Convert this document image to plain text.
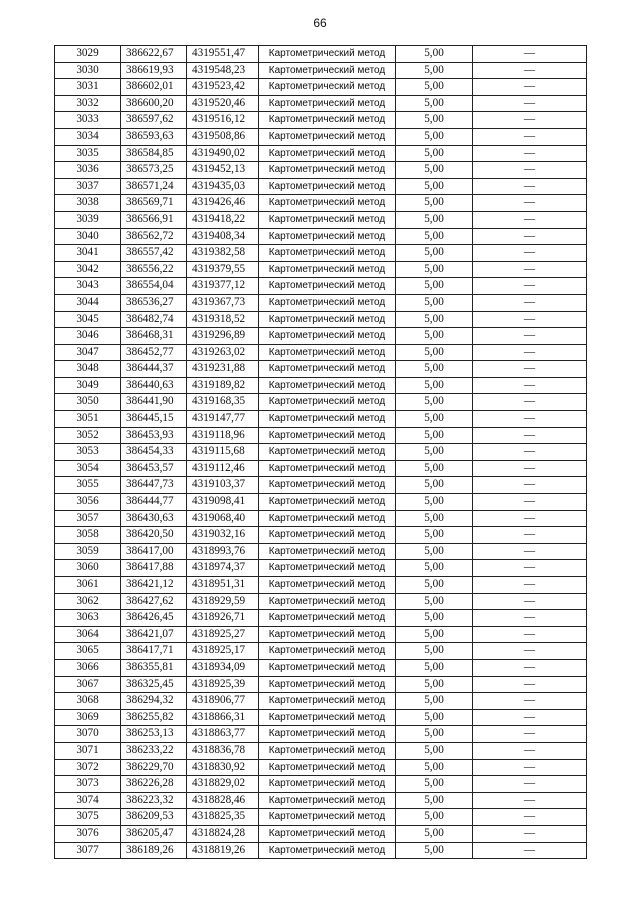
66
3029	386622,67	4319551,47	Картометрический метод	5,00	—
3030	386619,93	4319548,23	Картометрический метод	5,00	—
3031	386602,01	4319523,42	Картометрический метод	5,00	—
3032	386600,20	4319520,46	Картометрический метод	5,00	—
3033	386597,62	4319516,12	Картометрический метод	5,00	—
3034	386593,63	4319508,86	Картометрический метод	5,00	—
3035	386584,85	4319490,02	Картометрический метод	5,00	—
3036	386573,25	4319452,13	Картометрический метод	5,00	—
3037	386571,24	4319435,03	Картометрический метод	5,00	—
3038	386569,71	4319426,46	Картометрический метод	5,00	—
3039	386566,91	4319418,22	Картометрический метод	5,00	—
3040	386562,72	4319408,34	Картометрический метод	5,00	—
3041	386557,42	4319382,58	Картометрический метод	5,00	—
3042	386556,22	4319379,55	Картометрический метод	5,00	—
3043	386554,04	4319377,12	Картометрический метод	5,00	—
3044	386536,27	4319367,73	Картометрический метод	5,00	—
3045	386482,74	4319318,52	Картометрический метод	5,00	—
3046	386468,31	4319296,89	Картометрический метод	5,00	—
3047	386452,77	4319263,02	Картометрический метод	5,00	—
3048	386444,37	4319231,88	Картометрический метод	5,00	—
3049	386440,63	4319189,82	Картометрический метод	5,00	—
3050	386441,90	4319168,35	Картометрический метод	5,00	—
3051	386445,15	4319147,77	Картометрический метод	5,00	—
3052	386453,93	4319118,96	Картометрический метод	5,00	—
3053	386454,33	4319115,68	Картометрический метод	5,00	—
3054	386453,57	4319112,46	Картометрический метод	5,00	—
3055	386447,73	4319103,37	Картометрический метод	5,00	—
3056	386444,77	4319098,41	Картометрический метод	5,00	—
3057	386430,63	4319068,40	Картометрический метод	5,00	—
3058	386420,50	4319032,16	Картометрический метод	5,00	—
3059	386417,00	4318993,76	Картометрический метод	5,00	—
3060	386417,88	4318974,37	Картометрический метод	5,00	—
3061	386421,12	4318951,31	Картометрический метод	5,00	—
3062	386427,62	4318929,59	Картометрический метод	5,00	—
3063	386426,45	4318926,71	Картометрический метод	5,00	—
3064	386421,07	4318925,27	Картометрический метод	5,00	—
3065	386417,71	4318925,17	Картометрический метод	5,00	—
3066	386355,81	4318934,09	Картометрический метод	5,00	—
3067	386325,45	4318925,39	Картометрический метод	5,00	—
3068	386294,32	4318906,77	Картометрический метод	5,00	—
3069	386255,82	4318866,31	Картометрический метод	5,00	—
3070	386253,13	4318863,77	Картометрический метод	5,00	—
3071	386233,22	4318836,78	Картометрический метод	5,00	—
3072	386229,70	4318830,92	Картометрический метод	5,00	—
3073	386226,28	4318829,02	Картометрический метод	5,00	—
3074	386223,32	4318828,46	Картометрический метод	5,00	—
3075	386209,53	4318825,35	Картометрический метод	5,00	—
3076	386205,47	4318824,28	Картометрический метод	5,00	—
3077	386189,26	4318819,26	Картометрический метод	5,00	—
